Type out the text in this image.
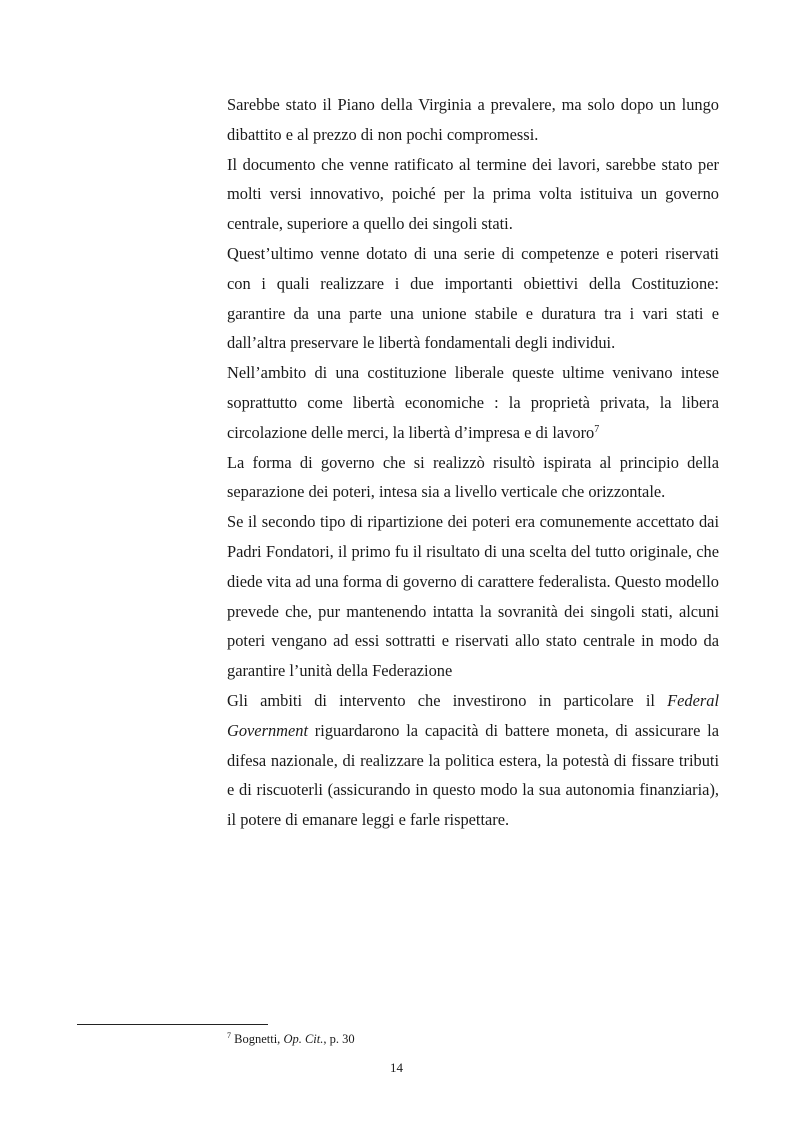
Sarebbe stato il Piano della Virginia a prevalere, ma solo dopo un lungo dibattito e al prezzo di non pochi compromessi.

Il documento che venne ratificato al termine dei lavori, sarebbe stato per molti versi innovativo, poiché per la prima volta istituiva un governo centrale, superiore a quello dei singoli stati.

Quest’ultimo venne dotato di una serie di competenze e poteri riservati con i quali realizzare i due importanti obiettivi della Costituzione: garantire da una parte una unione stabile e duratura tra i vari stati e dall’altra preservare le libertà fondamentali degli individui.

Nell’ambito di una costituzione liberale queste ultime venivano intese soprattutto come libertà economiche : la proprietà privata, la libera circolazione delle merci, la libertà d’impresa e di lavoro$^7$

La forma di governo che si realizzò risultò ispirata al principio della separazione dei poteri, intesa sia a livello verticale che orizzontale.

Se il secondo tipo di ripartizione dei poteri era comunemente accettato dai Padri Fondatori, il primo fu il risultato di una scelta del tutto originale, che diede vita ad una forma di governo di carattere federalista. Questo modello prevede che, pur mantenendo intatta la sovranità dei singoli stati, alcuni poteri vengano ad essi sottratti e riservati allo stato centrale in modo da garantire l’unità della Federazione

Gli ambiti di intervento che investirono in particolare il Federal Government riguardarono la capacità di battere moneta, di assicurare la difesa nazionale, di realizzare la politica estera, la potestà di fissare tributi e di riscuoterli (assicurando in questo modo la sua autonomia finanziaria), il potere di emanare leggi e farle rispettare.

$^7$ Bognetti, Op. Cit., p. 30
14
